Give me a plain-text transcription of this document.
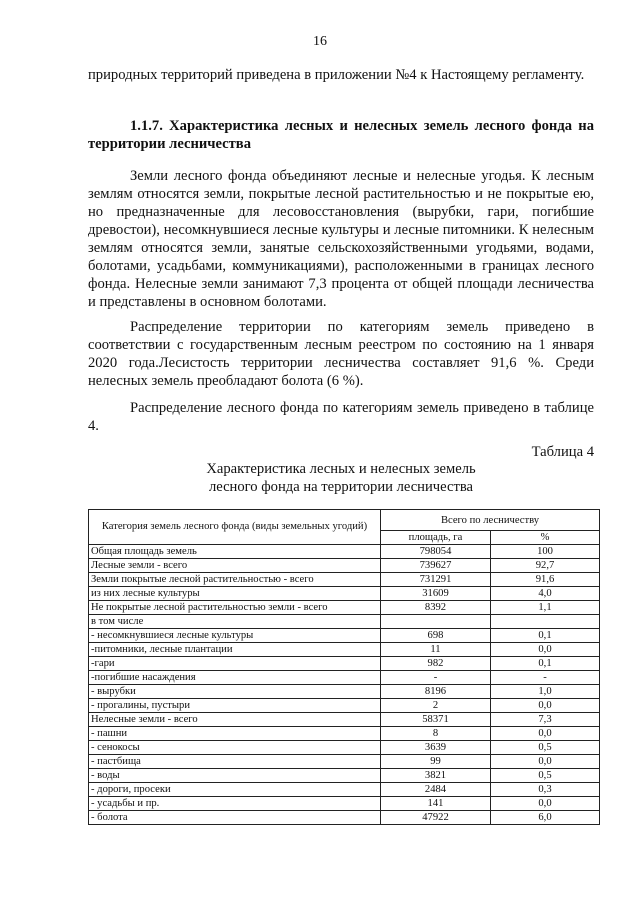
16

природных территорий приведена в приложении №4 к Настоящему регламенту.

1.1.7. Характеристика лесных и нелесных земель лесного фонда на территории лесничества

Земли лесного фонда объединяют лесные и нелесные угодья. К лесным землям относятся земли, покрытые лесной растительностью и не покрытые ею, но предназначенные для лесовосстановления (вырубки, гари, погибшие древостои), несомкнувшиеся лесные культуры и лесные питомники. К нелесным землям относятся земли, занятые сельскохозяйственными угодьями, водами, болотами, усадьбами, коммуникациями), расположенными в границах лесного фонда. Нелесные земли занимают 7,3 процента от общей площади лесничества и представлены в основном болотами.

Распределение территории по категориям земель приведено в соответствии с государственным лесным реестром по состоянию на 1 января 2020 года.Лесистость территории лесничества составляет 91,6 %. Среди нелесных земель преобладают болота (6 %).

Распределение лесного фонда по категориям земель приведено в таблице 4.

Таблица 4
Характеристика лесных и нелесных земель
лесного фонда на территории лесничества
Категория земель лесного фонда (виды земельных угодий)	Всего по лесничеству	
	площадь, га	%
Общая площадь земель	798054	100
Лесные земли - всего	739627	92,7
Земли покрытые лесной растительностью - всего	731291	91,6
из них лесные культуры	31609	4,0
Не покрытые лесной растительностью земли - всего	8392	1,1
в том числе		
- несомкнувшиеся лесные культуры	698	0,1
-питомники, лесные плантации	11	0,0
-гари	982	0,1
-погибшие насаждения	-	-
- вырубки	8196	1,0
- прогалины, пустыри	2	0,0
Нелесные земли - всего	58371	7,3
- пашни	8	0,0
- сенокосы	3639	0,5
- пастбища	99	0,0
- воды	3821	0,5
- дороги, просеки	2484	0,3
- усадьбы и пр.	141	0,0
- болота	47922	6,0
